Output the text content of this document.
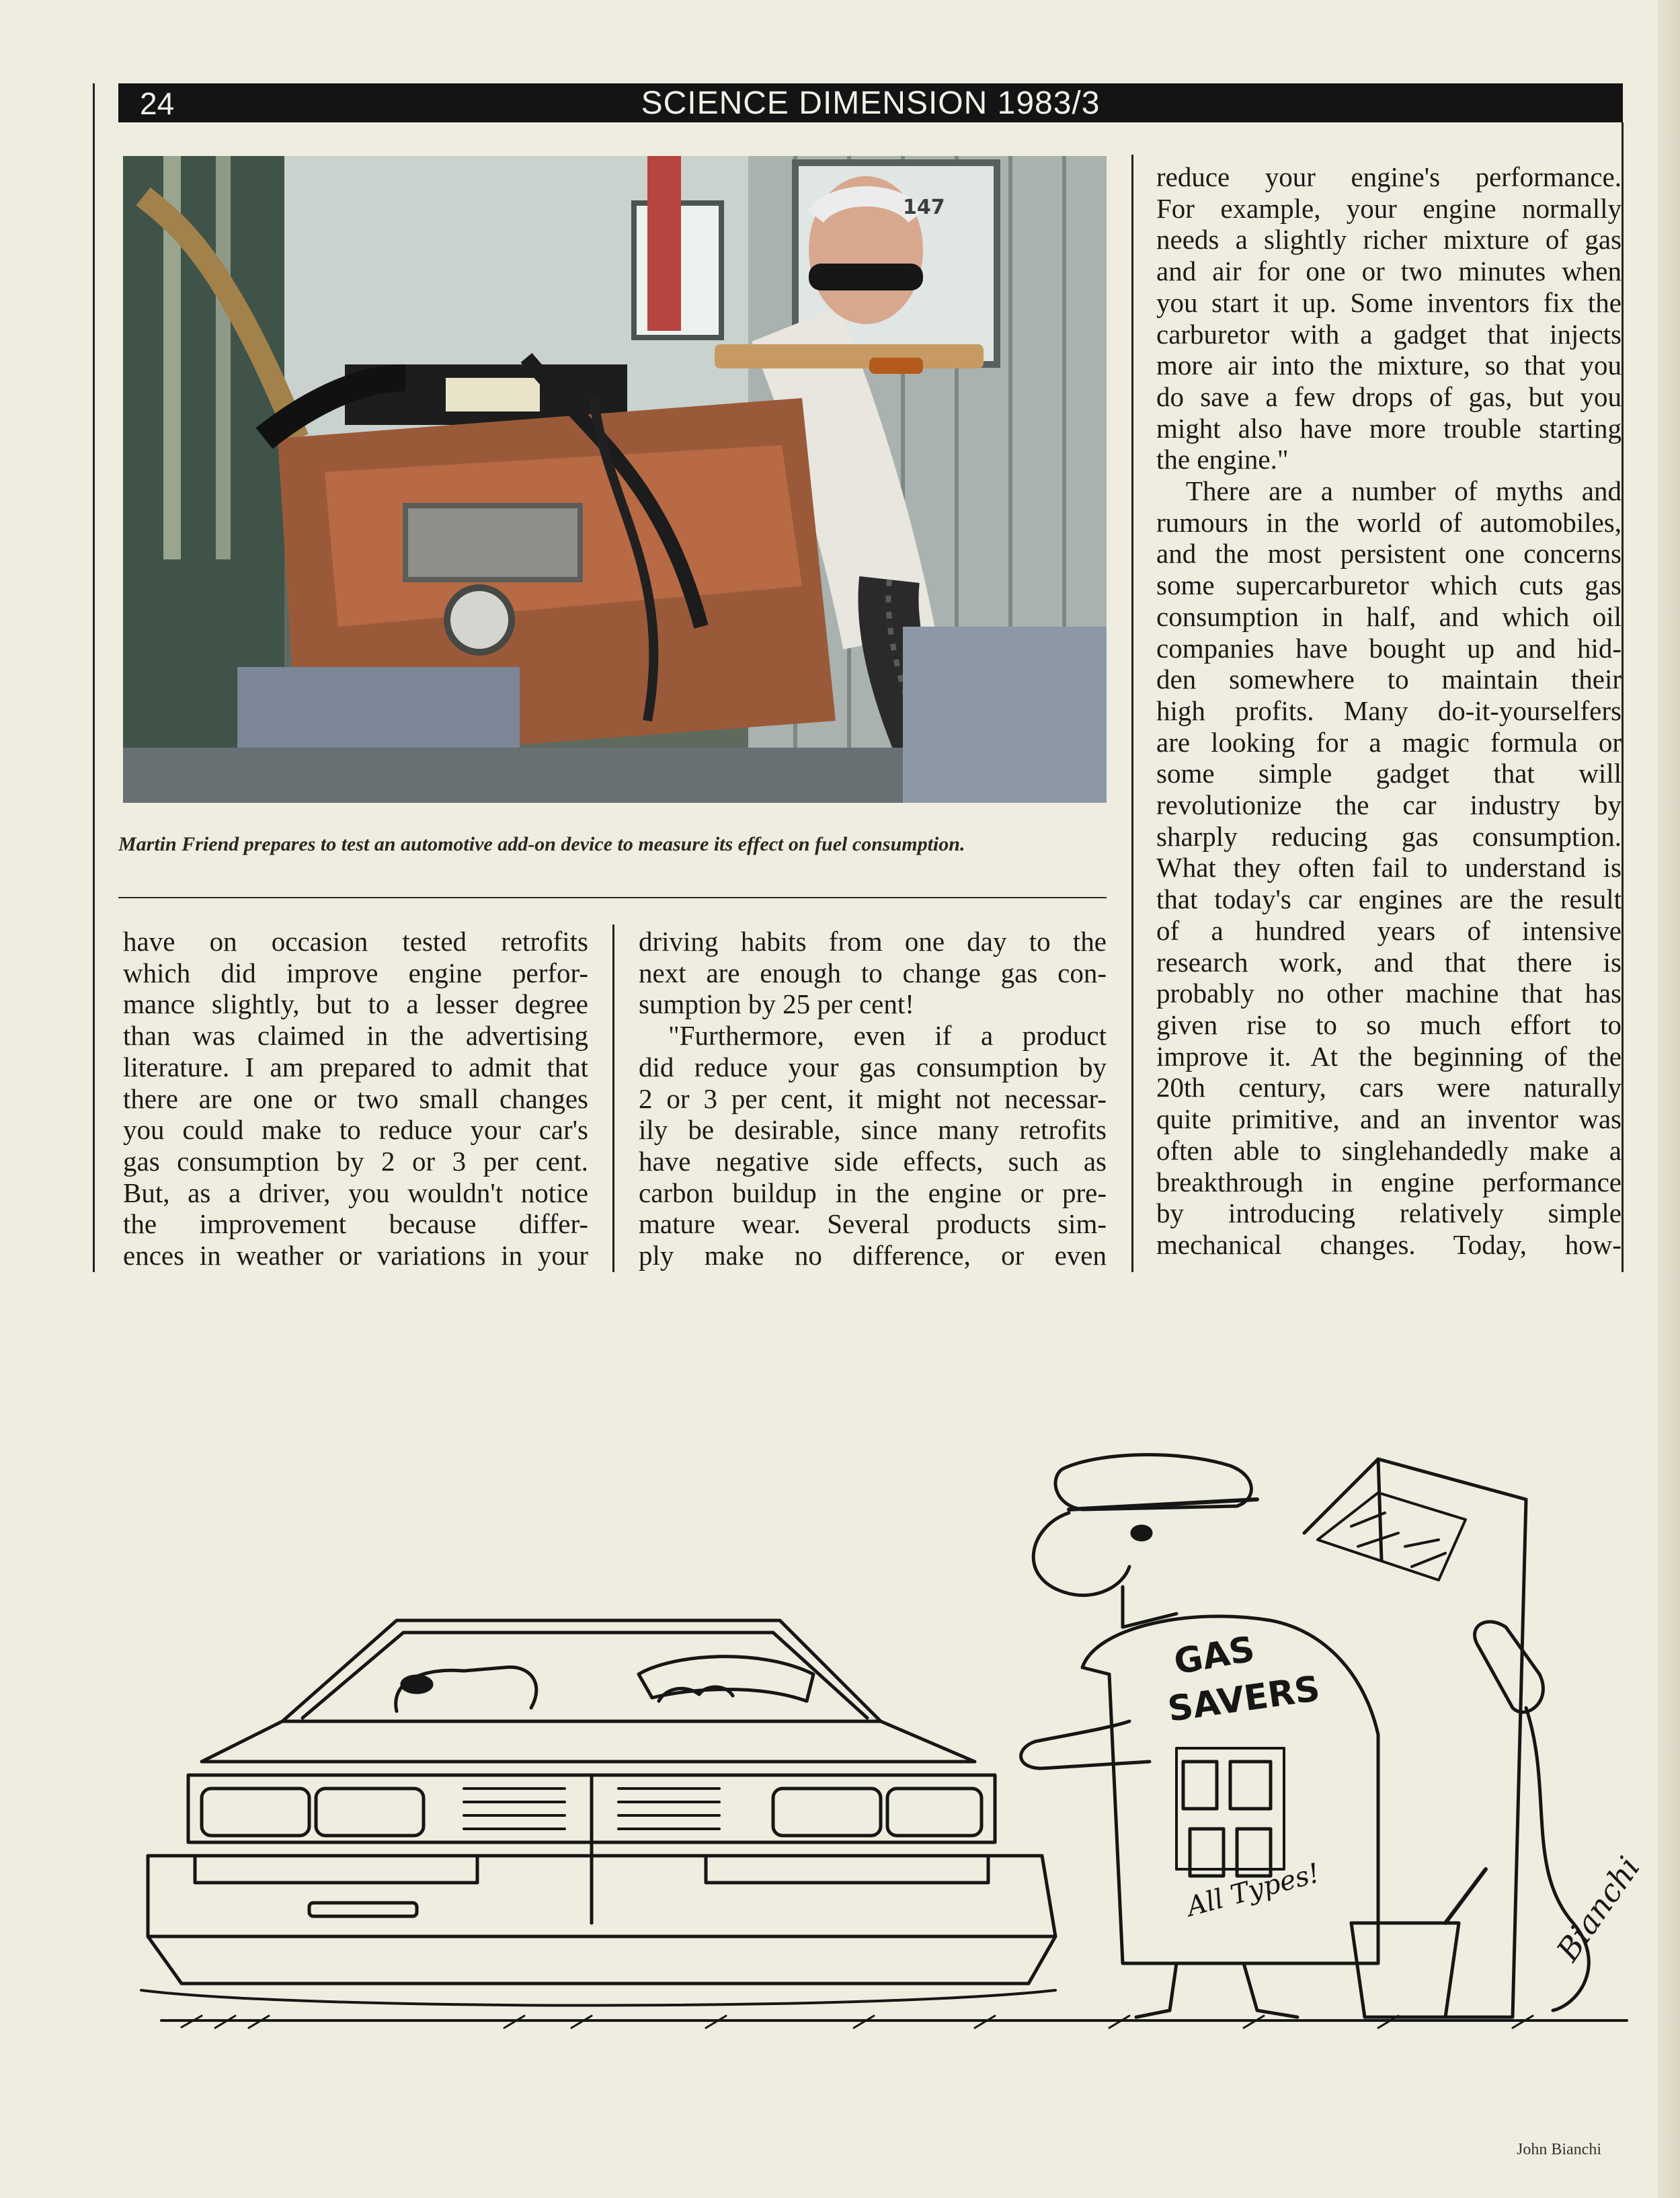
24	SCIENCE DIMENSION 1983/3
147
Martin Friend prepares to test an automotive add-on device to measure its effect on fuel consumption.

have on occasion tested retrofits

which did improve engine perfor-

mance slightly, but to a lesser degree

than was claimed in the advertising

literature. I am prepared to admit that

there are one or two small changes

you could make to reduce your car's

gas consumption by 2 or 3 per cent.

But, as a driver, you wouldn't notice

the improvement because differ-

ences in weather or variations in your

driving habits from one day to the

next are enough to change gas con-

sumption by 25 per cent!

"Furthermore, even if a product

did reduce your gas consumption by

2 or 3 per cent, it might not necessar-

ily be desirable, since many retrofits

have negative side effects, such as

carbon buildup in the engine or pre-

mature wear. Several products sim-

ply make no difference, or even

reduce your engine's performance.

For example, your engine normally

needs a slightly richer mixture of gas

and air for one or two minutes when

you start it up. Some inventors fix the

carburetor with a gadget that injects

more air into the mixture, so that you

do save a few drops of gas, but you

might also have more trouble starting

the engine."

There are a number of myths and

rumours in the world of automobiles,

and the most persistent one concerns

some supercarburetor which cuts gas

consumption in half, and which oil

companies have bought up and hid-

den somewhere to maintain their

high profits. Many do-it-yourselfers

are looking for a magic formula or

some simple gadget that will

revolutionize the car industry by

sharply reducing gas consumption.

What they often fail to understand is

that today's car engines are the result

of a hundred years of intensive

research work, and that there is

probably no other machine that has

given rise to so much effort to

improve it. At the beginning of the

20th century, cars were naturally

quite primitive, and an inventor was

often able to singlehandedly make a

breakthrough in engine performance

by introducing relatively simple

mechanical changes. Today, how-

GAS
SAVERS
All Types!	Bianchi
John Bianchi
